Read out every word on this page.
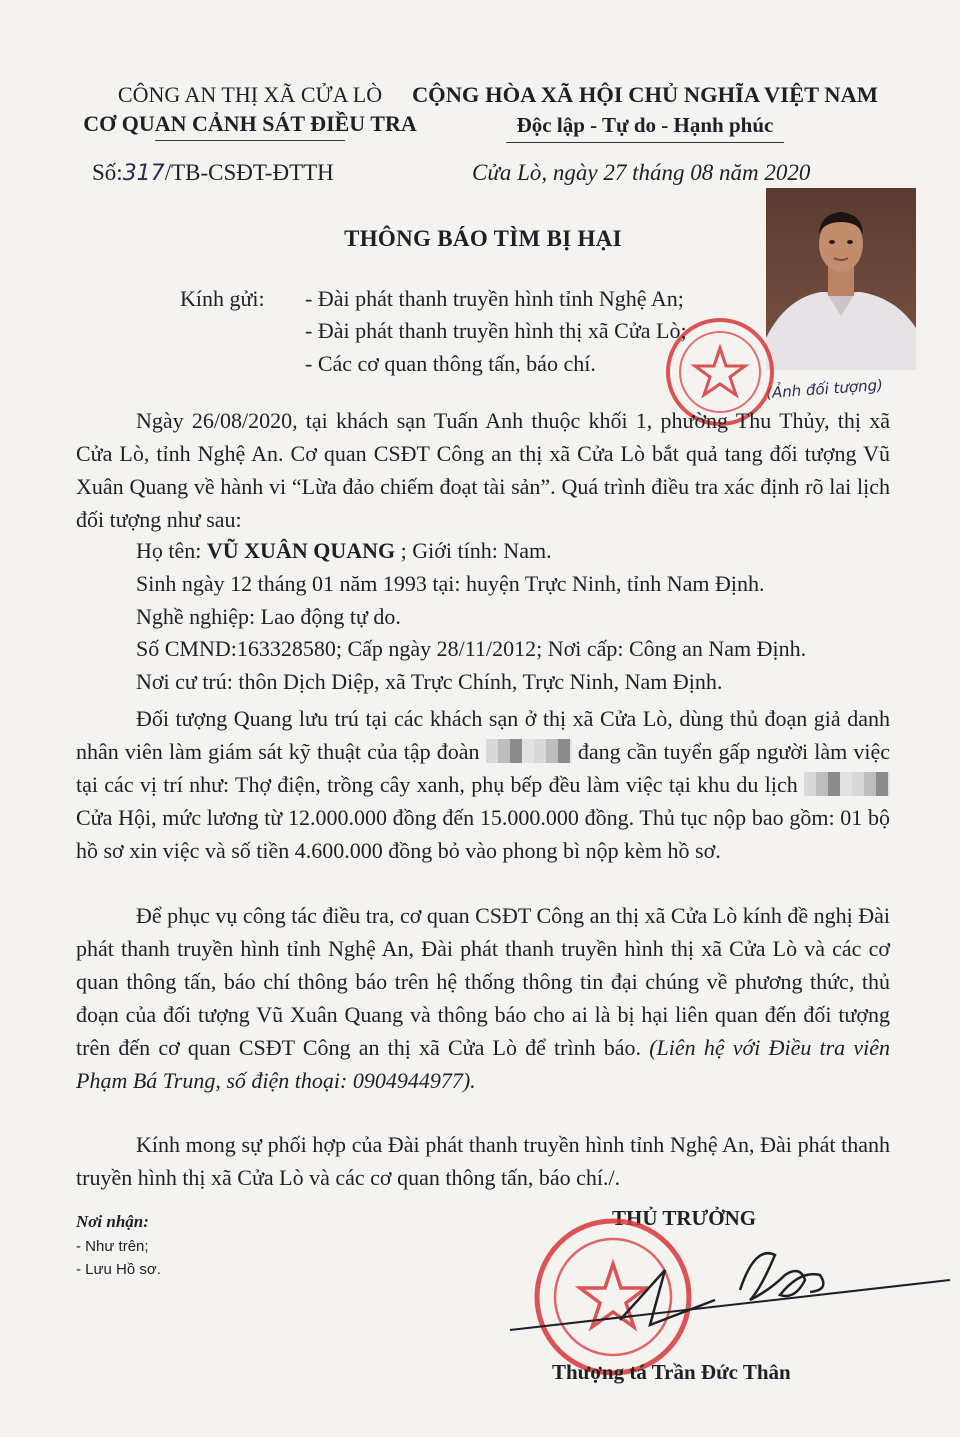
CÔNG AN THỊ XÃ CỬA LÒ
CƠ QUAN CẢNH SÁT ĐIỀU TRA
CỘNG HÒA XÃ HỘI CHỦ NGHĨA VIỆT NAM
Độc lập - Tự do - Hạnh phúc
Số:317/TB-CSĐT-ĐTTH	Cửa Lò, ngày 27 tháng 08 năm 2020
(Ảnh đối tượng)
THÔNG BÁO TÌM BỊ HẠI
Kính gửi: - Đài phát thanh truyền hình tỉnh Nghệ An;
- Đài phát thanh truyền hình thị xã Cửa Lò;
- Các cơ quan thông tấn, báo chí.
Ngày 26/08/2020, tại khách sạn Tuấn Anh thuộc khối 1, phường Thu Thủy, thị xã Cửa Lò, tỉnh Nghệ An. Cơ quan CSĐT Công an thị xã Cửa Lò bắt quả tang đối tượng Vũ Xuân Quang về hành vi “Lừa đảo chiếm đoạt tài sản”. Quá trình điều tra xác định rõ lai lịch đối tượng như sau:
Họ tên: VŨ XUÂN QUANG ; Giới tính: Nam.
Sinh ngày 12 tháng 01 năm 1993 tại: huyện Trực Ninh, tỉnh Nam Định.
Nghề nghiệp: Lao động tự do.
Số CMND:163328580; Cấp ngày 28/11/2012; Nơi cấp: Công an Nam Định.
Nơi cư trú: thôn Dịch Diệp, xã Trực Chính, Trực Ninh, Nam Định.
Đối tượng Quang lưu trú tại các khách sạn ở thị xã Cửa Lò, dùng thủ đoạn giả danh nhân viên làm giám sát kỹ thuật của tập đoàn	đang cần tuyển gấp người làm việc tại các vị trí như: Thợ điện, trồng cây xanh, phụ bếp đều làm việc tại khu du lịch  Cửa Hội, mức lương từ 12.000.000 đồng đến 15.000.000 đồng. Thủ tục nộp bao gồm: 01 bộ hồ sơ xin việc và số tiền 4.600.000 đồng bỏ vào phong bì nộp kèm hồ sơ.
Để phục vụ công tác điều tra, cơ quan CSĐT Công an thị xã Cửa Lò kính đề nghị Đài phát thanh truyền hình tỉnh Nghệ An, Đài phát thanh truyền hình thị xã Cửa Lò và các cơ quan thông tấn, báo chí thông báo trên hệ thống thông tin đại chúng về phương thức, thủ đoạn của đối tượng Vũ Xuân Quang và thông báo cho ai là bị hại liên quan đến đối tượng trên đến cơ quan CSĐT Công an thị xã Cửa Lò để trình báo. (Liên hệ với Điều tra viên Phạm Bá Trung, số điện thoại: 0904944977).
Kính mong sự phối hợp của Đài phát thanh truyền hình tỉnh Nghệ An, Đài phát thanh truyền hình thị xã Cửa Lò và các cơ quan thông tấn, báo chí./.
Nơi nhận:
- Như trên;
- Lưu Hồ sơ.
THỦ TRƯỞNG
Thượng tá Trần Đức Thân
